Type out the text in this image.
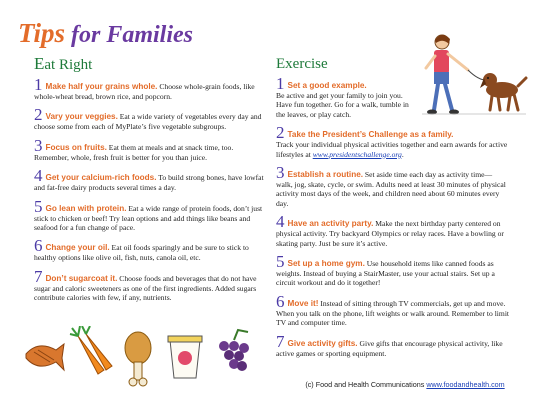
Tips for Families
Eat Right
1 Make half your grains whole. Choose whole-grain foods, like whole-wheat bread, brown rice, and popcorn.
2 Vary your veggies. Eat a wide variety of vegetables every day and choose some from each of MyPlate’s five vegetable subgroups.
3 Focus on fruits. Eat them at meals and at snack time, too. Remember, whole, fresh fruit is better for you than juice.
4 Get your calcium-rich foods. To build strong bones, have lowfat and fat-free dairy products several times a day.
5 Go lean with protein. Eat a wide range of protein foods, don’t just stick to chicken or beef! Try lean options and add things like beans and seafood for a fun change of pace.
6 Change your oil. Eat oil foods sparingly and be sure to stick to healthy options like olive oil, fish, nuts, canola oil, etc.
7 Don’t sugarcoat it. Choose foods and beverages that do not have sugar and caloric sweeteners as one of the first ingredients. Added sugars contribute calories with few, if any, nutrients.
Exercise
1 Set a good example.
Be active and get your family to join you. Have fun together. Go for a walk, tumble in the leaves, or play catch.
2 Take the President’s Challenge as a family.
Track your individual physical activities together and earn awards for active lifestyles at www.presidentschallenge.org.
3 Establish a routine. Set aside time each day as activity time— walk, jog, skate, cycle, or swim. Adults need at least 30 minutes of physical activity most days of the week, and children need about 60 minutes every day.
4 Have an activity party. Make the next birthday party centered on physical activity. Try backyard Olympics or relay races. Have a bowling or skating party. Just be sure it’s active.
5 Set up a home gym. Use household items like canned foods as weights. Instead of buying a StairMaster, use your actual stairs. Set up a circuit workout and do it together!
6 Move it! Instead of sitting through TV commercials, get up and move. When you talk on the phone, lift weights or walk around. Remember to limit TV and computer time.
7 Give activity gifts. Give gifts that encourage physical activity, like active games or sporting equipment.
(c) Food and Health Communications www.foodandhealth.com
